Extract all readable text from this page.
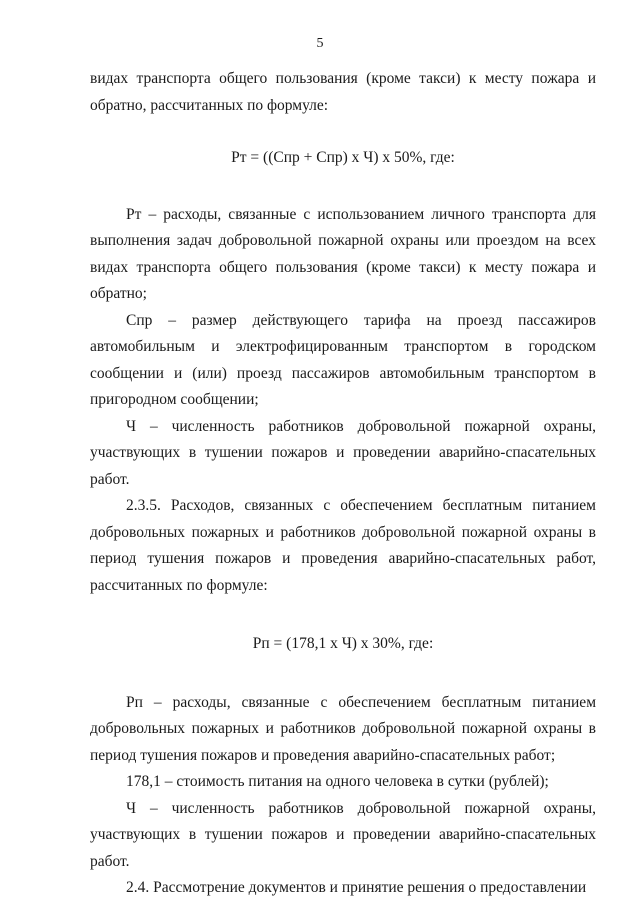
5

видах транспорта общего пользования (кроме такси) к месту пожара и обратно, рассчитанных по формуле:

Рт = ((Спр + Спр) х Ч) х 50%, где:

Рт – расходы, связанные с использованием личного транспорта для выполнения задач добровольной пожарной охраны или проездом на всех видах транспорта общего пользования (кроме такси) к месту пожара и обратно;

Спр – размер действующего тарифа на проезд пассажиров автомобильным и электрофицированным транспортом в городском сообщении и (или) проезд пассажиров автомобильным транспортом в пригородном сообщении;

Ч – численность работников добровольной пожарной охраны, участвующих в тушении пожаров и проведении аварийно-спасательных работ.

2.3.5. Расходов, связанных с обеспечением бесплатным питанием добровольных пожарных и работников добровольной пожарной охраны в период тушения пожаров и проведения аварийно-спасательных работ, рассчитанных по формуле:

Рп = (178,1 х Ч) х 30%, где:

Рп – расходы, связанные с обеспечением бесплатным питанием добровольных пожарных и работников добровольной пожарной охраны в период тушения пожаров и проведения аварийно-спасательных работ;

178,1 – стоимость питания на одного человека в сутки (рублей);

Ч – численность работников добровольной пожарной охраны, участвующих в тушении пожаров и проведении аварийно-спасательных работ.

2.4. Рассмотрение документов и принятие решения о предоставлении
